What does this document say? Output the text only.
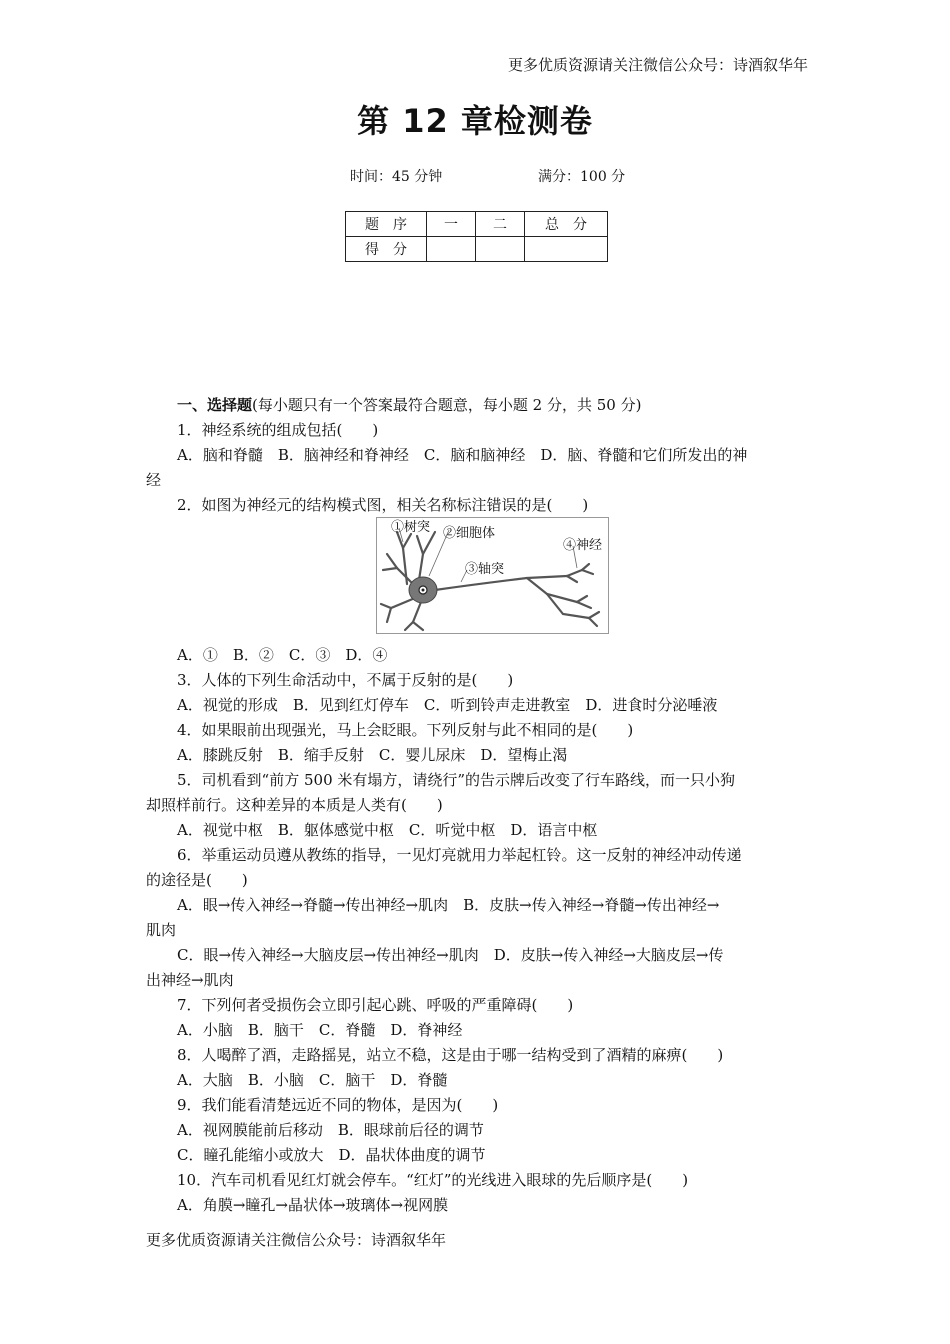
更多优质资源请关注微信公众号：诗酒叙华年
第 12 章检测卷
时间：45 分钟	满分：100 分
题　序	一	二	总　分
得　分			
一、选择题(每小题只有一个答案最符合题意，每小题 2 分，共 50 分)
1．神经系统的组成包括(　　)
A．脑和脊髓　B．脑神经和脊神经　C．脑和脑神经　D．脑、脊髓和它们所发出的神
经
2．如图为神经元的结构模式图，相关名称标注错误的是(　　)
A．①　B．②　C．③　D．④
3．人体的下列生命活动中，不属于反射的是(　　)
A．视觉的形成　B．见到红灯停车　C．听到铃声走进教室　D．进食时分泌唾液
4．如果眼前出现强光，马上会眨眼。下列反射与此不相同的是(　　)
A．膝跳反射　B．缩手反射　C．婴儿尿床　D．望梅止渴
5．司机看到“前方 500 米有塌方，请绕行”的告示牌后改变了行车路线，而一只小狗
却照样前行。这种差异的本质是人类有(　　)
A．视觉中枢　B．躯体感觉中枢　C．听觉中枢　D．语言中枢
6．举重运动员遵从教练的指导，一见灯亮就用力举起杠铃。这一反射的神经冲动传递
的途径是(　　)
A．眼→传入神经→脊髓→传出神经→肌肉　B．皮肤→传入神经→脊髓→传出神经→
肌肉
C．眼→传入神经→大脑皮层→传出神经→肌肉　D．皮肤→传入神经→大脑皮层→传
出神经→肌肉
7．下列何者受损伤会立即引起心跳、呼吸的严重障碍(　　)
A．小脑　B．脑干　C．脊髓　D．脊神经
8．人喝醉了酒，走路摇晃，站立不稳，这是由于哪一结构受到了酒精的麻痹(　　)
A．大脑　B．小脑　C．脑干　D．脊髓
9．我们能看清楚远近不同的物体，是因为(　　)
A．视网膜能前后移动　B．眼球前后径的调节
C．瞳孔能缩小或放大　D．晶状体曲度的调节
10．汽车司机看见红灯就会停车。“红灯”的光线进入眼球的先后顺序是(　　)
A．角膜→瞳孔→晶状体→玻璃体→视网膜
①树突 ②细胞体
③轴突
④神经
更多优质资源请关注微信公众号：诗酒叙华年
